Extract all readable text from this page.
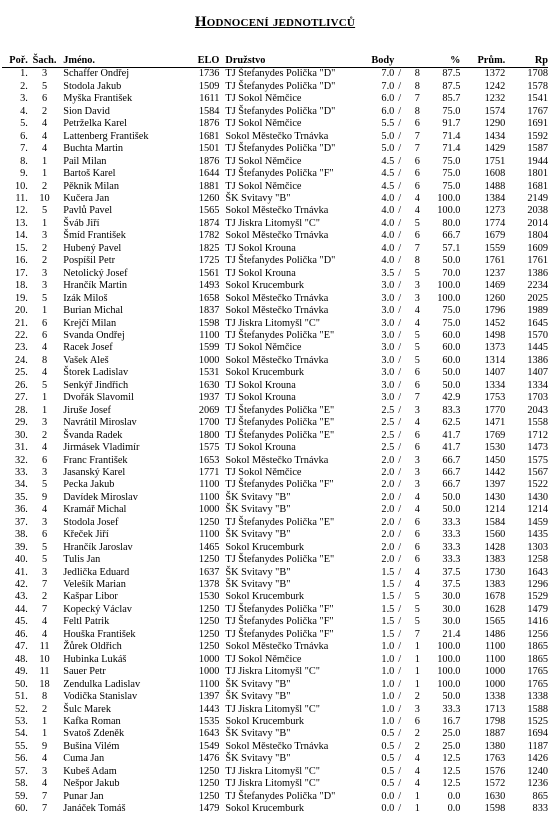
Hodnocení jednotlivců
Poř.	Šach.	Jméno.	ELO	Družstvo	Body			%	Prům.	Rp
1.	3	Schaffer Ondřej	1736	TJ Štefanydes Polička "D"	7.0	/	8	87.5	1372	1708
2.	5	Stodola Jakub	1509	TJ Štefanydes Polička "D"	7.0	/	8	87.5	1242	1578
3.	6	Myška František	1611	TJ Sokol Němčice	6.0	/	7	85.7	1232	1541
4.	2	Sion David	1584	TJ Štefanydes Polička "D"	6.0	/	8	75.0	1574	1767
5.	4	Petrželka Karel	1876	TJ Sokol Němčice	5.5	/	6	91.7	1290	1691
6.	4	Lattenberg František	1681	Sokol Městečko Trnávka	5.0	/	7	71.4	1434	1592
7.	4	Buchta Martin	1501	TJ Štefanydes Polička "D"	5.0	/	7	71.4	1429	1587
8.	1	Pail Milan	1876	TJ Sokol Němčice	4.5	/	6	75.0	1751	1944
9.	1	Bartoš Karel	1644	TJ Štefanydes Polička "F"	4.5	/	6	75.0	1608	1801
10.	2	Pěknik Milan	1881	TJ Sokol Němčice	4.5	/	6	75.0	1488	1681
11.	10	Kučera Jan	1260	ŠK Svitavy "B"	4.0	/	4	100.0	1384	2149
12.	5	Pavlů Pavel	1565	Sokol Městečko Trnávka	4.0	/	4	100.0	1273	2038
13.	1	Šváb Jiří	1874	TJ Jiskra Litomyšl "C"	4.0	/	5	80.0	1774	2014
14.	3	Šmíd František	1782	Sokol Městečko Trnávka	4.0	/	6	66.7	1679	1804
15.	2	Hubený Pavel	1825	TJ Sokol Krouna	4.0	/	7	57.1	1559	1609
16.	2	Pospíšil Petr	1725	TJ Štefanydes Polička "D"	4.0	/	8	50.0	1761	1761
17.	3	Netolický Josef	1561	TJ Sokol Krouna	3.5	/	5	70.0	1237	1386
18.	3	Hrančík Martin	1493	Sokol Krucemburk	3.0	/	3	100.0	1469	2234
19.	5	Izák Miloš	1658	Sokol Městečko Trnávka	3.0	/	3	100.0	1260	2025
20.	1	Burian Michal	1837	Sokol Městečko Trnávka	3.0	/	4	75.0	1796	1989
21.	6	Krejčí Milan	1598	TJ Jiskra Litomyšl "C"	3.0	/	4	75.0	1452	1645
22.	6	Svanda Ondřej	1100	TJ Štefanydes Polička "E"	3.0	/	5	60.0	1498	1570
23.	4	Racek Josef	1599	TJ Sokol Němčice	3.0	/	5	60.0	1373	1445
24.	8	Vašek Aleš	1000	Sokol Městečko Trnávka	3.0	/	5	60.0	1314	1386
25.	4	Štorek Ladislav	1531	Sokol Krucemburk	3.0	/	6	50.0	1407	1407
26.	5	Senkýř Jindřich	1630	TJ Sokol Krouna	3.0	/	6	50.0	1334	1334
27.	1	Dvořák Slavomil	1937	TJ Sokol Krouna	3.0	/	7	42.9	1753	1703
28.	1	Jiruše Josef	2069	TJ Štefanydes Polička "E"	2.5	/	3	83.3	1770	2043
29.	3	Navrátil Miroslav	1700	TJ Štefanydes Polička "E"	2.5	/	4	62.5	1471	1558
30.	2	Švanda Radek	1800	TJ Štefanydes Polička "E"	2.5	/	6	41.7	1769	1712
31.	4	Jirmásek Vladimír	1575	TJ Sokol Krouna	2.5	/	6	41.7	1530	1473
32.	6	Franc František	1653	Sokol Městečko Trnávka	2.0	/	3	66.7	1450	1575
33.	3	Jasanský Karel	1771	TJ Sokol Němčice	2.0	/	3	66.7	1442	1567
34.	5	Pecka Jakub	1100	TJ Štefanydes Polička "F"	2.0	/	3	66.7	1397	1522
35.	9	Davídek Miroslav	1100	ŠK Svitavy "B"	2.0	/	4	50.0	1430	1430
36.	4	Kramář Michal	1000	ŠK Svitavy "B"	2.0	/	4	50.0	1214	1214
37.	3	Stodola Josef	1250	TJ Štefanydes Polička "E"	2.0	/	6	33.3	1584	1459
38.	6	Křeček Jiří	1100	ŠK Svitavy "B"	2.0	/	6	33.3	1560	1435
39.	5	Hrančík Jaroslav	1465	Sokol Krucemburk	2.0	/	6	33.3	1428	1303
40.	5	Tulis Jan	1250	TJ Štefanydes Polička "E"	2.0	/	6	33.3	1383	1258
41.	3	Jedlička Eduard	1637	ŠK Svitavy "B"	1.5	/	4	37.5	1730	1643
42.	7	Veleŝík Marian	1378	ŠK Svitavy "B"	1.5	/	4	37.5	1383	1296
43.	2	Kašpar Libor	1530	Sokol Krucemburk	1.5	/	5	30.0	1678	1529
44.	7	Kopecký Václav	1250	TJ Štefanydes Polička "F"	1.5	/	5	30.0	1628	1479
45.	4	Feltl Patrik	1250	TJ Štefanydes Polička "F"	1.5	/	5	30.0	1565	1416
46.	4	Houška František	1250	TJ Štefanydes Polička "F"	1.5	/	7	21.4	1486	1256
47.	11	Žůrek Oldřich	1250	Sokol Městečko Trnávka	1.0	/	1	100.0	1100	1865
48.	10	Hubinka Lukáš	1000	TJ Sokol Němčice	1.0	/	1	100.0	1100	1865
49.	11	Sauer Petr	1000	TJ Jiskra Litomyšl "C"	1.0	/	1	100.0	1000	1765
50.	18	Zendulka Ladislav	1100	ŠK Svitavy "B"	1.0	/	1	100.0	1000	1765
51.	8	Vodička Stanislav	1397	ŠK Svitavy "B"	1.0	/	2	50.0	1338	1338
52.	2	Šulc Marek	1443	TJ Jiskra Litomyšl "C"	1.0	/	3	33.3	1713	1588
53.	1	Kafka Roman	1535	Sokol Krucemburk	1.0	/	6	16.7	1798	1525
54.	1	Svatoš Zdeněk	1643	ŠK Svitavy "B"	0.5	/	2	25.0	1887	1694
55.	9	Bušina Vilém	1549	Sokol Městečko Trnávka	0.5	/	2	25.0	1380	1187
56.	4	Cuma Jan	1476	ŠK Svitavy "B"	0.5	/	4	12.5	1763	1426
57.	3	Kubeš Adam	1250	TJ Jiskra Litomyšl "C"	0.5	/	4	12.5	1576	1240
58.	4	Nešpor Jakub	1250	TJ Jiskra Litomyšl "C"	0.5	/	4	12.5	1572	1236
59.	7	Punar Jan	1250	TJ Štefanydes Polička "D"	0.0	/	1	0.0	1630	865
60.	7	Janáček Tomáš	1479	Sokol Krucemburk	0.0	/	1	0.0	1598	833
